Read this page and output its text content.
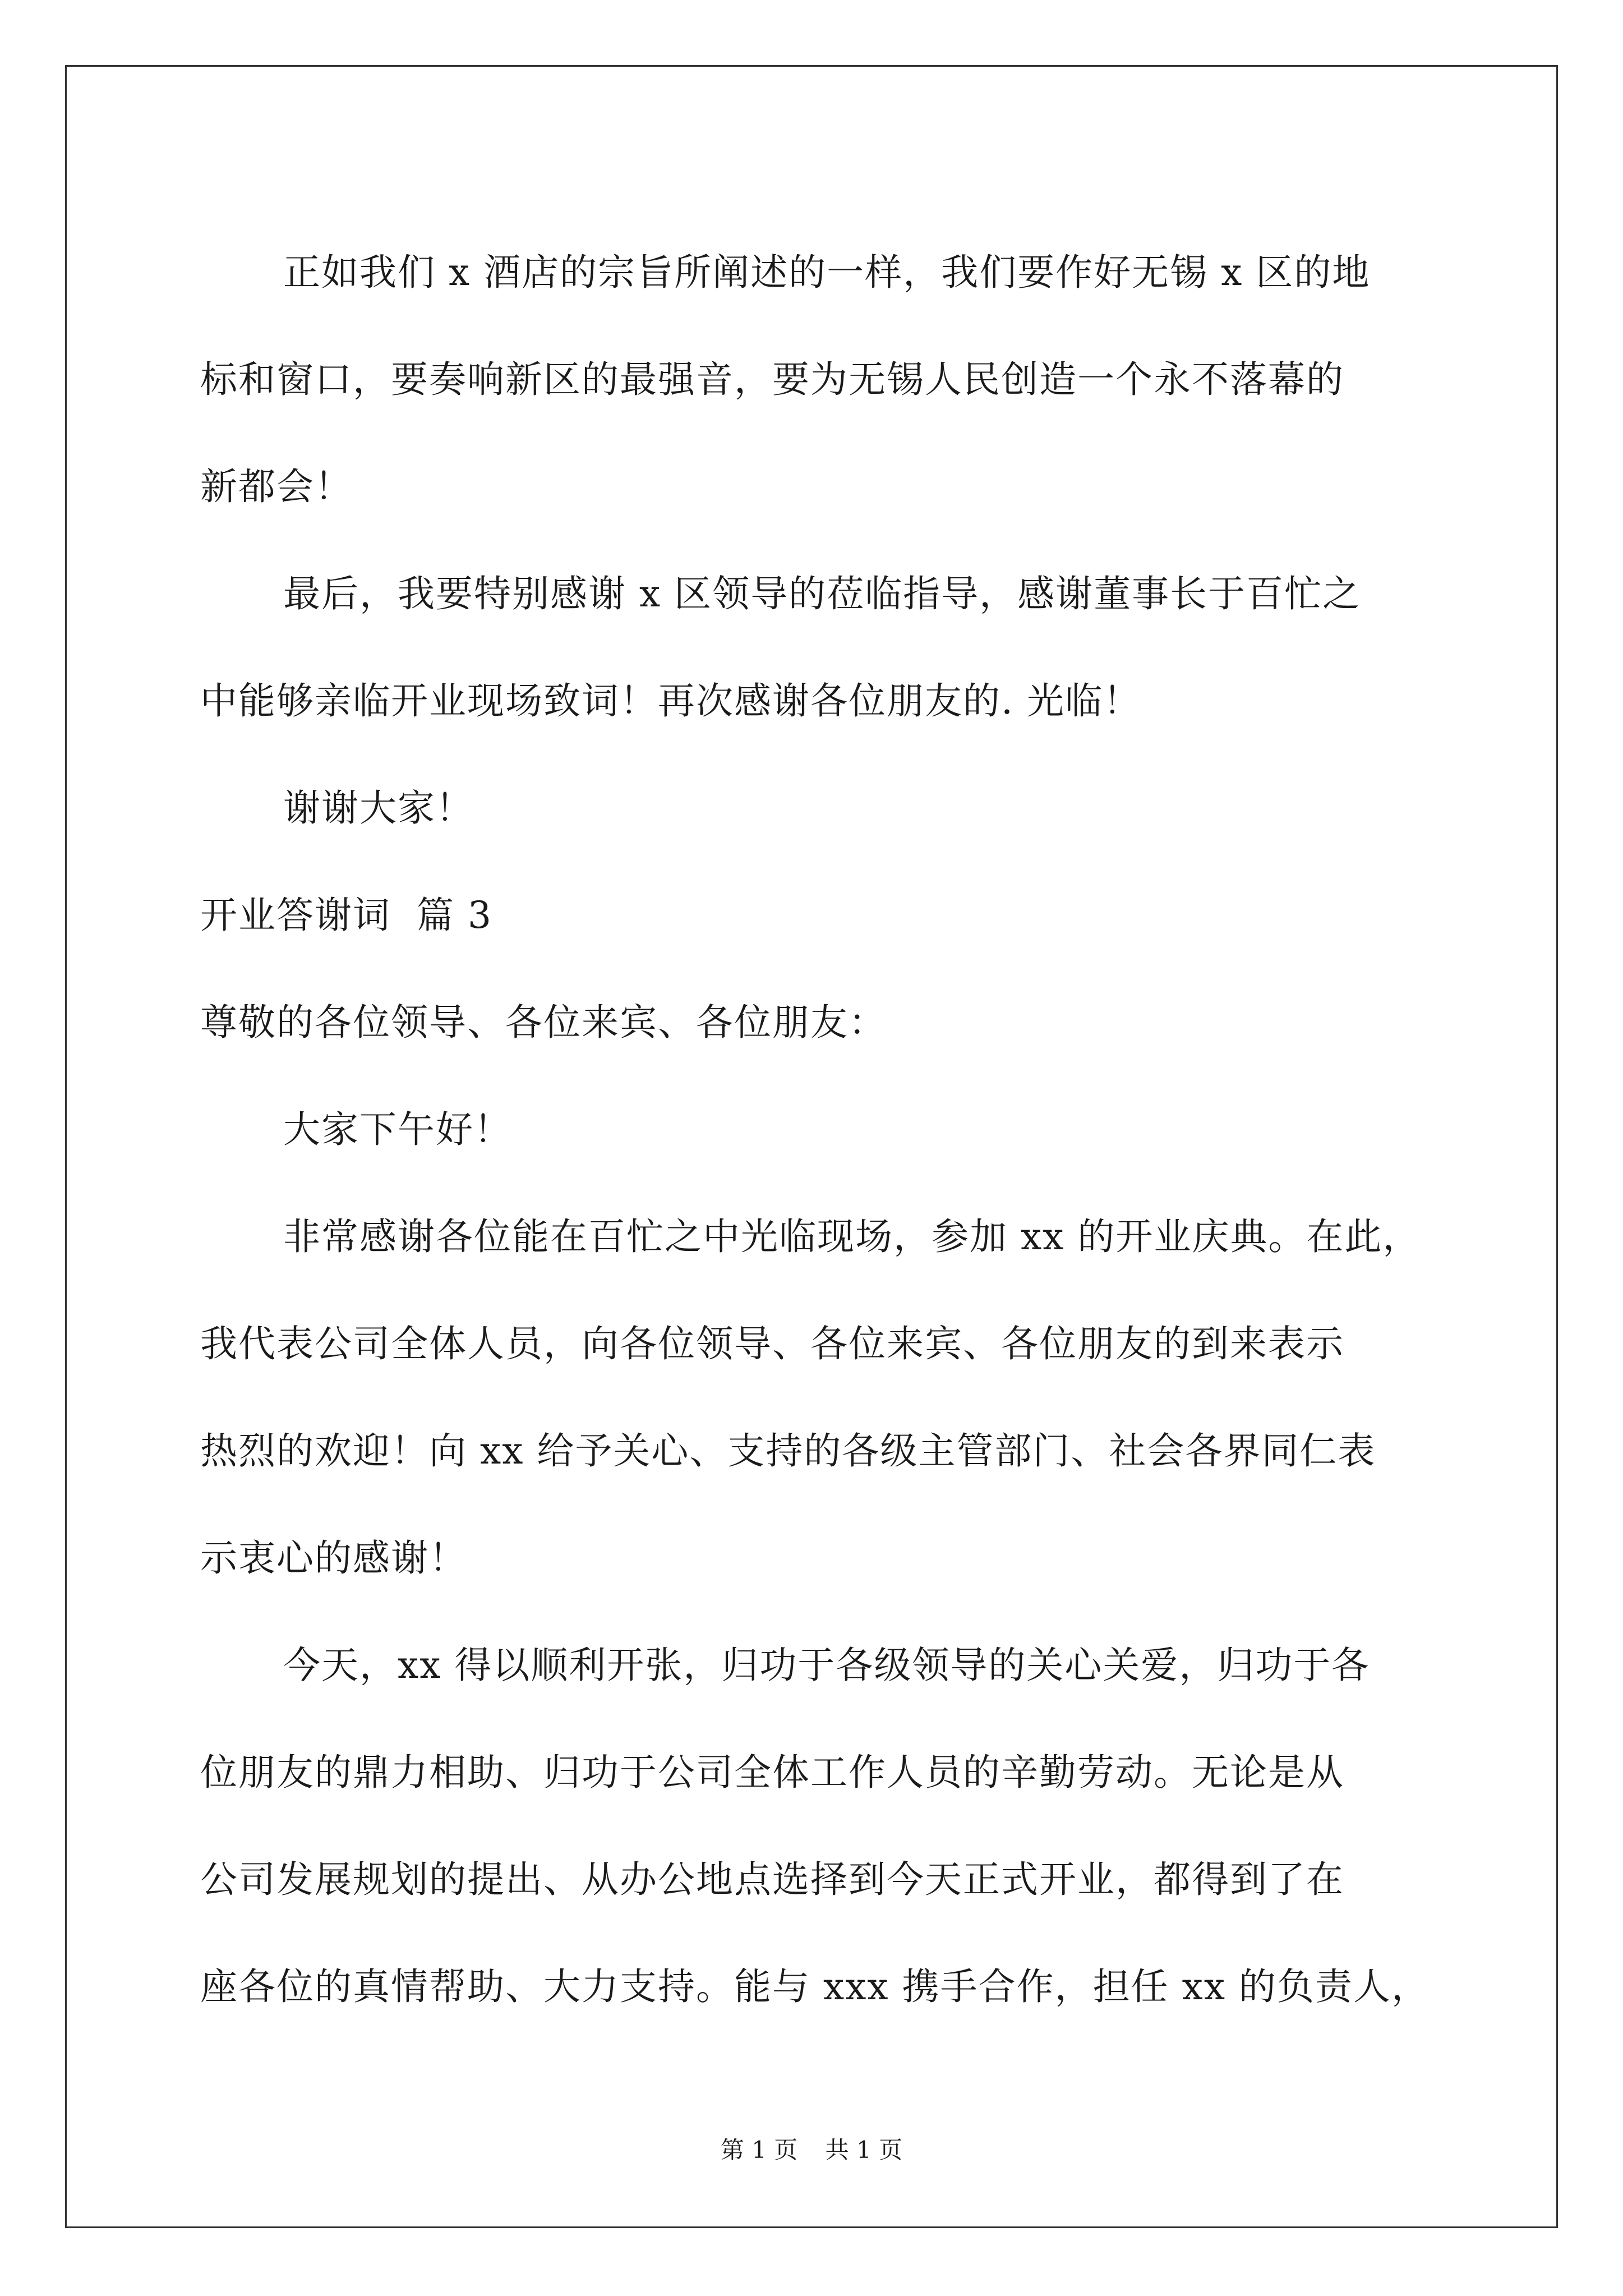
正如我们 x 酒店的宗旨所阐述的一样，我们要作好无锡 x 区的地

标和窗口，要奏响新区的最强音，要为无锡人民创造一个永不落幕的

新都会！

最后，我要特别感谢 x 区领导的莅临指导，感谢董事长于百忙之

中能够亲临开业现场致词！再次感谢各位朋友的. 光临！

谢谢大家！

开业答谢词  篇 3

尊敬的各位领导、各位来宾、各位朋友：

大家下午好！

非常感谢各位能在百忙之中光临现场，参加 xx 的开业庆典。在此，

我代表公司全体人员，向各位领导、各位来宾、各位朋友的到来表示

热烈的欢迎！向 xx 给予关心、支持的各级主管部门、社会各界同仁表

示衷心的感谢！

今天，xx 得以顺利开张，归功于各级领导的关心关爱，归功于各

位朋友的鼎力相助、归功于公司全体工作人员的辛勤劳动。无论是从

公司发展规划的提出、从办公地点选择到今天正式开业，都得到了在

座各位的真情帮助、大力支持。能与 xxx 携手合作，担任 xx 的负责人，

第 1 页 共 1 页
